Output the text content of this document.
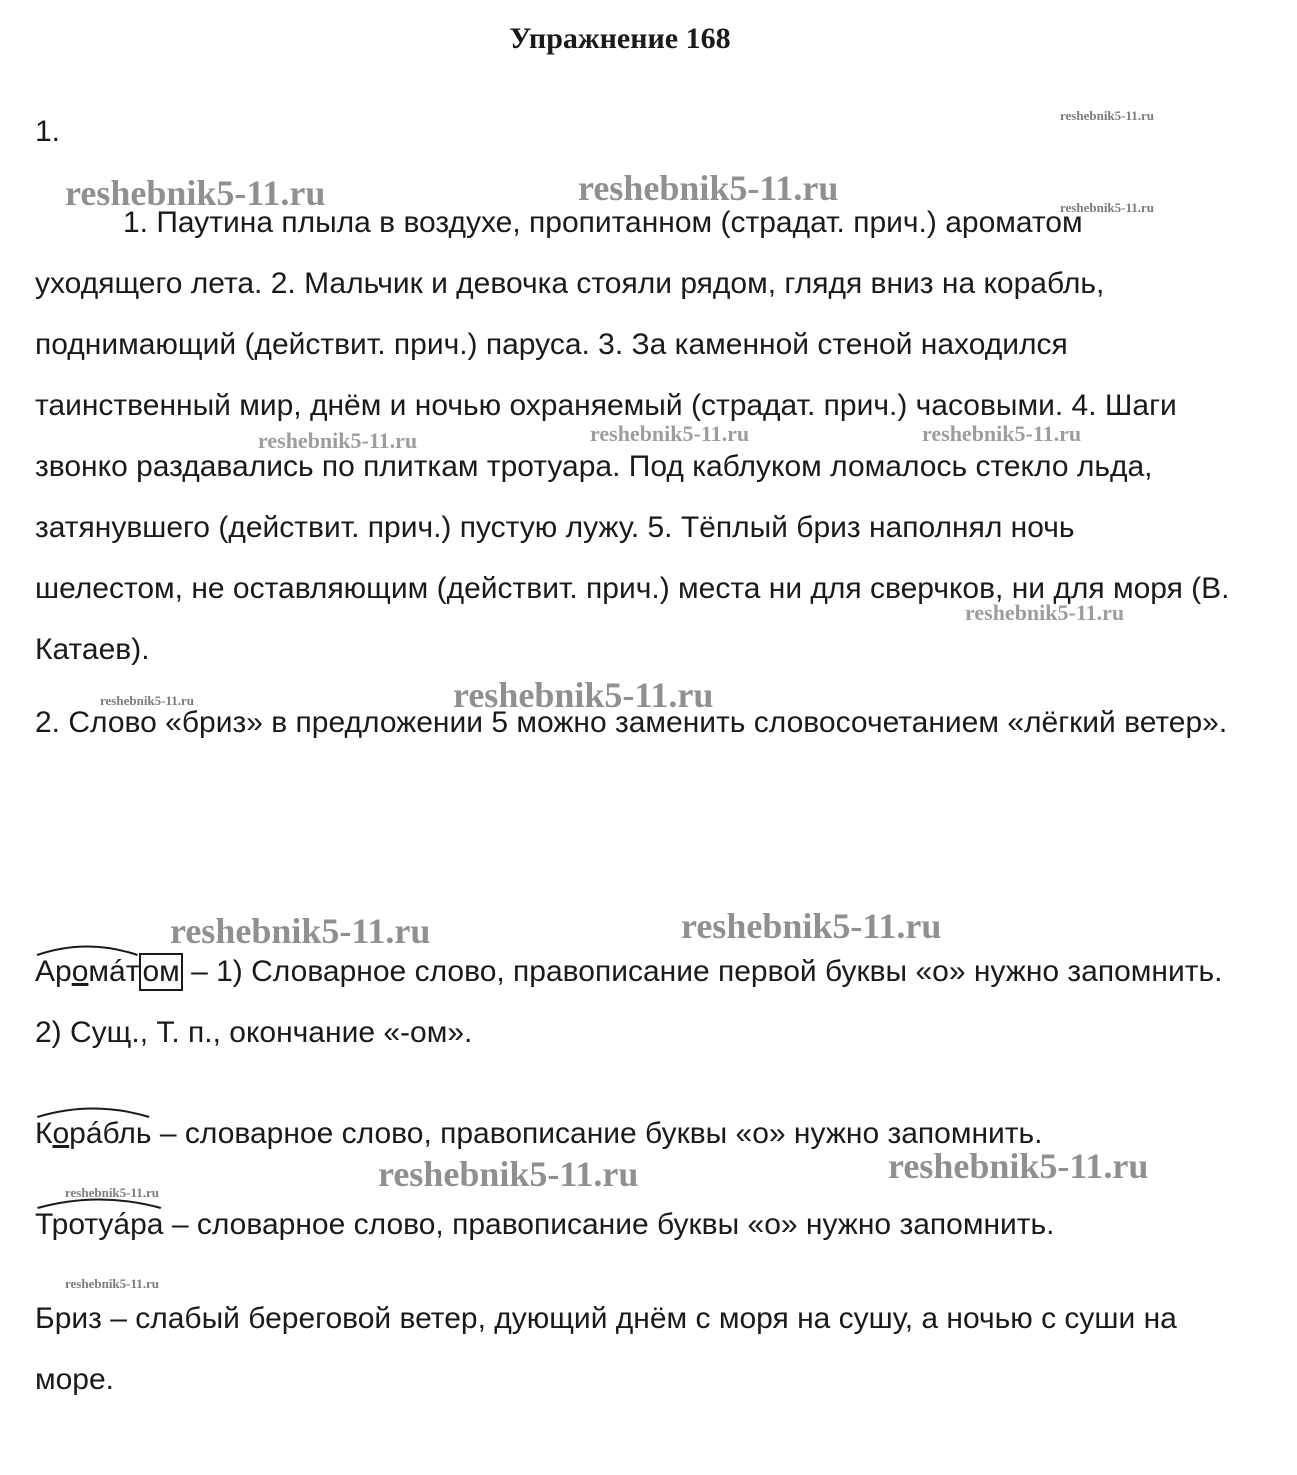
Упражнение 168
1.

1. Паутина плыла в воздухе, пропитанном (страдат. прич.) ароматом уходящего лета. 2. Мальчик и девочка стояли рядом, глядя вниз на корабль, поднимающий (действит. прич.) паруса. 3. За каменной стеной находился таинственный мир, днём и ночью охраняемый (страдат. прич.) часовыми. 4. Шаги звонко раздавались по плиткам тротуара. Под каблуком ломалось стекло льда, затянувшего (действит. прич.) пустую лужу. 5. Тёплый бриз наполнял ночь шелестом, не оставляющим (действит. прич.) места ни для сверчков, ни для моря (В. Катаев).

2. Слово «бриз» в предложении 5 можно заменить словосочетанием «лёгкий ветер».

Аромáт ом – 1) Словарное слово, правописание первой буквы «о» нужно запомнить. 2) Сущ., Т. п., окончание «-ом».

Корáбль – словарное слово, правописание буквы «о» нужно запомнить.

Тротуáра – словарное слово, правописание буквы «о» нужно запомнить.

Бриз – слабый береговой ветер, дующий днём с моря на сушу, а ночью с суши на море.

reshebnik5-11.ru
reshebnik5-11.ru	reshebnik5-11.ru	reshebnik5-11.ru
reshebnik5-11.ru	reshebnik5-11.ru	reshebnik5-11.ru
reshebnik5-11.ru
reshebnik5-11.ru	reshebnik5-11.ru
reshebnik5-11.ru	reshebnik5-11.ru
reshebnik5-11.ru	reshebnik5-11.ru
reshebnik5-11.ru
reshebnik5-11.ru
